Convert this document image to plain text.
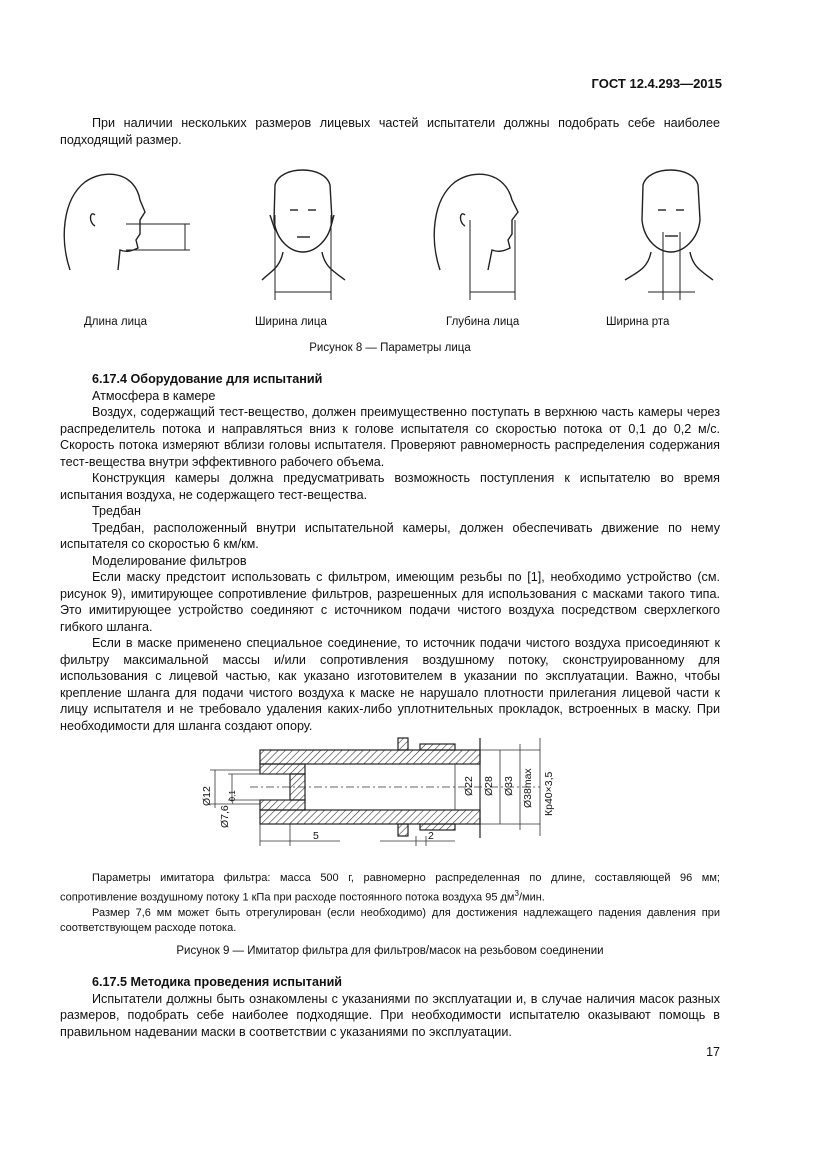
ГОСТ 12.4.293—2015

При наличии нескольких размеров лицевых частей испытатели должны подобрать себе наиболее подходящий размер.

Длина лица	Ширина лица	Глубина лица	Ширина рта
Рисунок 8 — Параметры лица

6.17.4 Оборудование для испытаний

Атмосфера в камере

Воздух, содержащий тест-вещество, должен преимущественно поступать в верхнюю часть камеры через распределитель потока и направляться вниз к голове испытателя со скоростью потока от 0,1 до 0,2 м/с. Скорость потока измеряют вблизи головы испытателя. Проверяют равномерность распределения содержания тест-вещества внутри эффективного рабочего объема.

Конструкция камеры должна предусматривать возможность поступления к испытателю во время испытания воздуха, не содержащего тест-вещества.

Тредбан

Тредбан, расположенный внутри испытательной камеры, должен обеспечивать движение по нему испытателя со скоростью 6 км/км.

Моделирование фильтров

Если маску предстоит использовать с фильтром, имеющим резьбы по [1], необходимо устройство (см. рисунок 9), имитирующее сопротивление фильтров, разрешенных для использования с масками такого типа. Это имитирующее устройство соединяют с источником подачи чистого воздуха посредством сверхлегкого гибкого шланга.

Если в маске применено специальное соединение, то источник подачи чистого воздуха присоединяют к фильтру максимальной массы и/или сопротивления воздушному потоку, сконструированному для использования с лицевой частью, как указано изготовителем в указании по эксплуатации. Важно, чтобы крепление шланга для подачи чистого воздуха к маске не нарушало плотности прилегания лицевой части к лицу испытателя и не требовало удаления каких-либо уплотнительных прокладок, встроенных в маску. При необходимости для шланга создают опору.

Ø12
Ø7,6
-0,1
Ø22 Ø28 Ø33 Ø38max Кр40×3,5
5	2

Параметры имитатора фильтра: масса 500 г, равномерно распределенная по длине, составляющей 96 мм; сопротивление воздушному потоку 1 кПа при расходе постоянного потока воздуха 95 $дм^3$/мин.

Размер 7,6 мм может быть отрегулирован (если необходимо) для достижения надлежащего падения давления при соответствующем расходе потока.

Рисунок 9 — Имитатор фильтра для фильтров/масок на резьбовом соединении

6.17.5 Методика проведения испытаний

Испытатели должны быть ознакомлены с указаниями по эксплуатации и, в случае наличия масок разных размеров, подобрать себе наиболее подходящие. При необходимости испытателю оказывают помощь в правильном надевании маски в соответствии с указаниями по эксплуатации.

17
